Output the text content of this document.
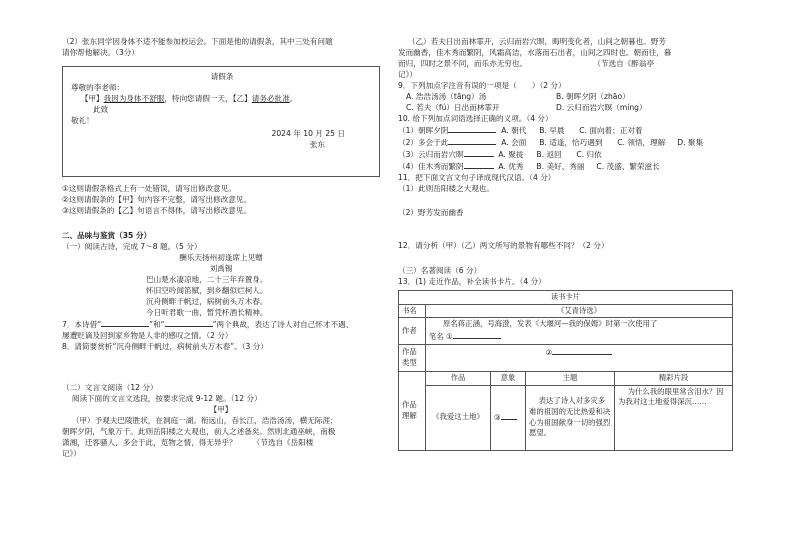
（2）张东同学因身体不适不能参加校运会。下面是他的请假条，其中三处有问题

请你帮他解决。（3分）

请假条

尊敬的李老师：

【甲】我因为身体不舒服，特向您请假一天，【乙】请务必批准。

此致

敬礼！

2024 年 10 月 25 日

张东

①这则请假条格式上有一处错误，请写出修改意见。

②这则请假条的【甲】句内容不完整，请写出修改意见。

③这则请假条的【乙】句语言不得体，请写出修改意见。

二、品味与鉴赏（35 分）

（一）阅读古诗，完成 7～8 题。（5 分）

酬乐天扬州初逢席上见赠

刘禹锡

巴山楚水凄凉地，二十三年弃置身。

怀旧空吟闻笛赋，到乡翻似烂柯人。

沉舟侧畔千帆过，病树前头万木春。

今日听君歌一曲，暂凭杯酒长精神。

7．本诗借“	”和“	”两个典故，表达了诗人对自己怀才不遇、

屡遭贬谪及回到家乡物是人非的感叹之情。（2 分）

8．请简要赏析“沉舟侧畔千帆过，病树前头万木春”。（3 分）

（二）文言文阅读（12 分）

阅读下面的文言文选段，按要求完成 9-12 题。（12 分）

【甲】

（甲）予观夫巴陵胜状，在洞庭一湖。衔远山，吞长江，浩浩汤汤，横无际涯；

朝晖夕阴，气象万千。此则岳阳楼之大观也，前人之述备矣。然则北通巫峡，南极

潇湘，迁客骚人，多会于此，览物之情，得无异乎？ （节选自《岳阳楼

记》）

（乙）若夫日出而林霏开，云归而岩穴暝，晦明变化者，山间之朝暮也。野芳

发而幽香，佳木秀而繁阴，风霜高洁，水落而石出者，山间之四时也。朝而往，暮

而归，四时之景不同，而乐亦无穷也。	（节选自《醉翁亭

记》）

9．下列加点字注音有误的一项是（　　）（2 分）

A. 浩浩汤汤（tāng）汤	B. 朝晖夕阴（zhāo）

C. 若夫（fú）日出而林霏开	D. 云归而岩穴暝（míng）

10. 给下列加点词语选择正确的义项。（4 分）

（1）朝晖夕阴	A. 朝代 B. 早晨 C. 面向着；正对着

（2）多会于此	A. 会面 B. 适逢，恰巧遇到 C. 领悟，理解 D. 聚集

（3）云归而岩穴暝	A. 聚拢 B. 返回 C. 归依

（4）佳木秀而繁阴	A. 优秀 B. 美好、秀丽 C. 茂盛、繁荣滋长

11．把下面文言文句子译成现代汉语。（4 分）

（1）此则岳阳楼之大观也。

（2）野芳发而幽香

12．请分析（甲）（乙）两文所写的景物有哪些不同？（2 分）

（三）名著阅读（6 分）

13．(1) 走近作品，补全读书卡片。（4 分）

读书卡片				
书名	《艾青诗选》			
作者	原名蒋正涵，号海澄，发表《大堰河—我的保姆》时第一次使用了
笔名 ①			

作品
类型	②			

作品
理解	作品	意象	主题	精彩片段
	《我爱这土地》	③	表达了诗人对多灾多难的祖国的无比热爱和决心为祖国献身一切的强烈愿望。	为什么我的眼里常含泪水？因为我对这土地爱得深沉……
